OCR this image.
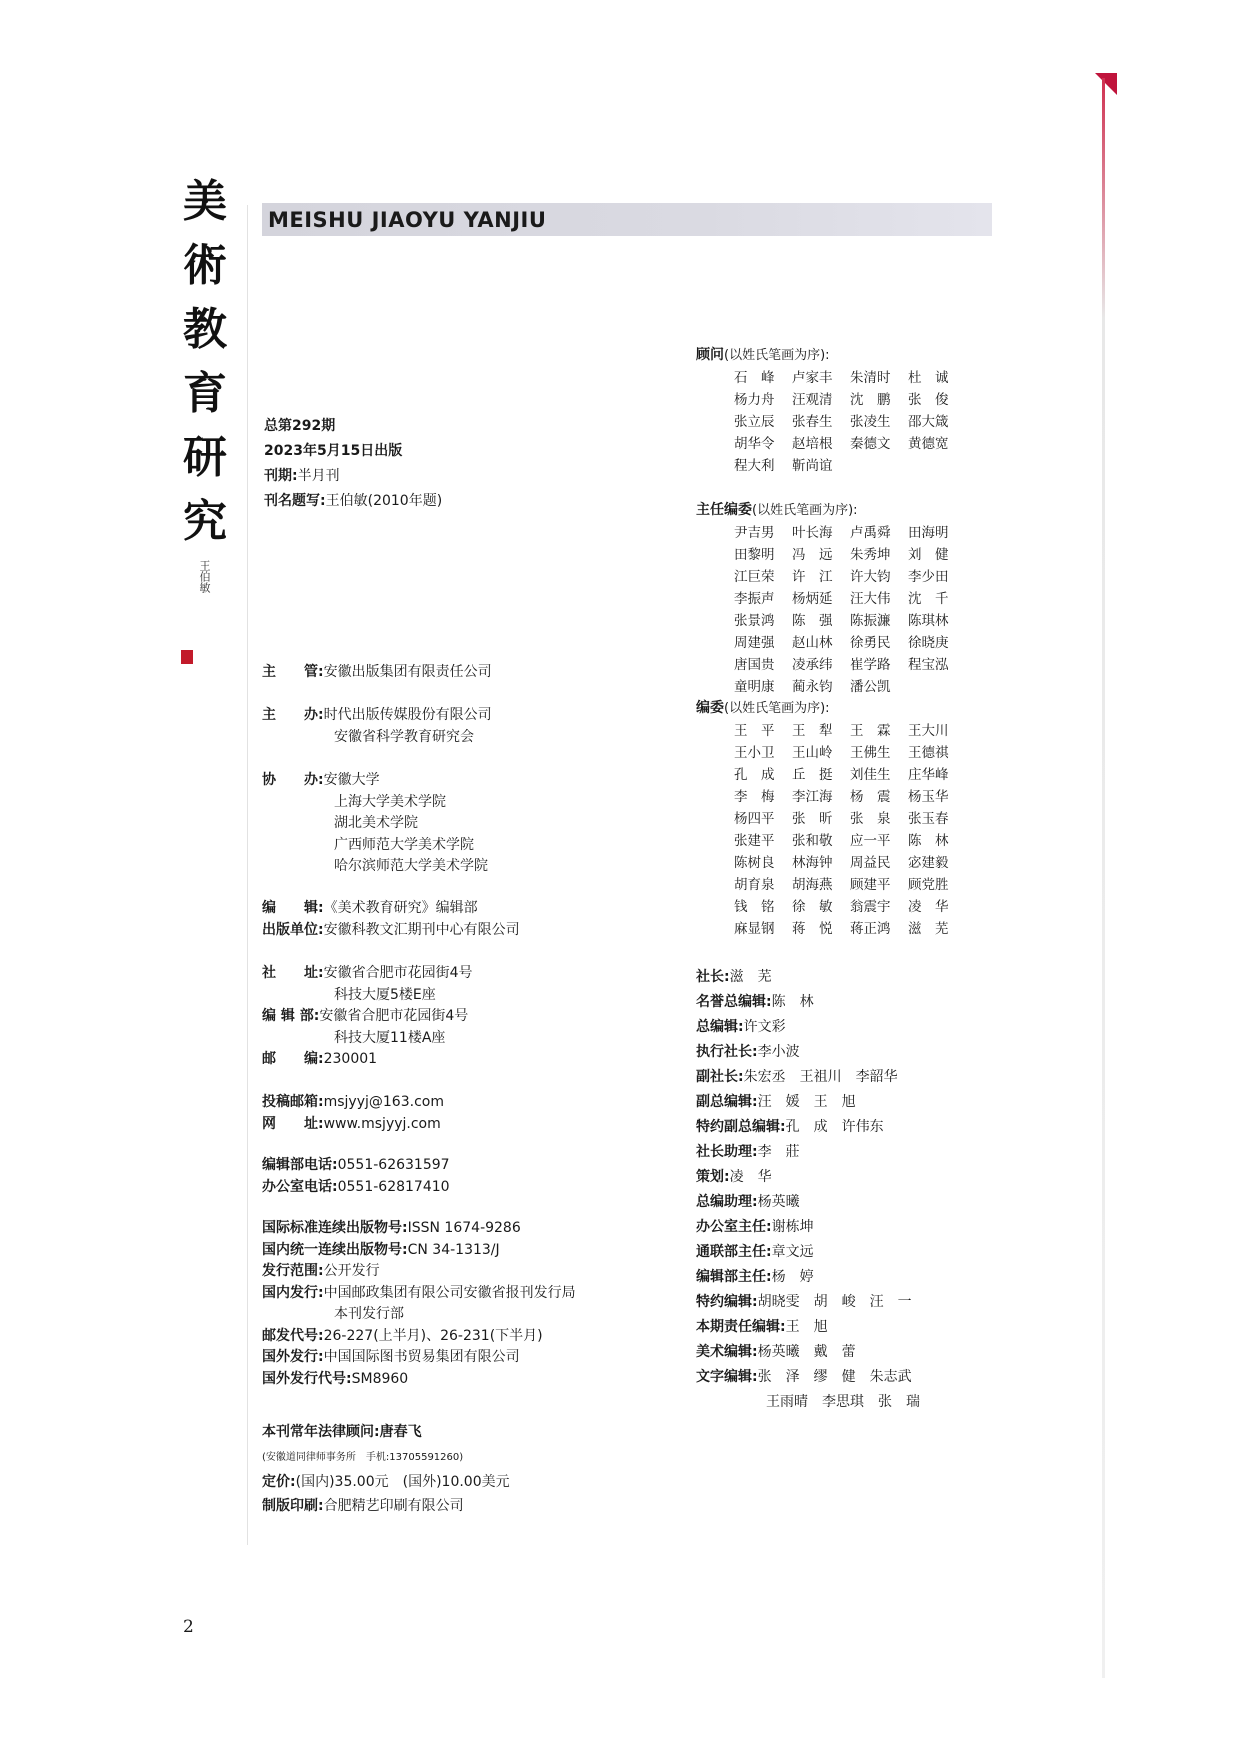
美
術
教
育
研
究
王伯敏
MEISHU JIAOYU YANJIU
总第292期
2023年5月15日出版
刊期:半月刊
刊名题写:王伯敏(2010年题)
主　　管:安徽出版集团有限责任公司
主　　办:时代出版传媒股份有限公司
安徽省科学教育研究会
协　　办:安徽大学
上海大学美术学院
湖北美术学院
广西师范大学美术学院
哈尔滨师范大学美术学院
编　　辑:《美术教育研究》编辑部
出版单位:安徽科教文汇期刊中心有限公司
社　　址:安徽省合肥市花园街4号
科技大厦5楼E座
编 辑 部:安徽省合肥市花园街4号
科技大厦11楼A座
邮　　编:230001
投稿邮箱:msjyyj@163.com
网　　址:www.msjyyj.com
编辑部电话:0551-62631597
办公室电话:0551-62817410
国际标准连续出版物号:ISSN 1674-9286
国内统一连续出版物号:CN 34-1313/J
发行范围:公开发行
国内发行:中国邮政集团有限公司安徽省报刊发行局
本刊发行部
邮发代号:26-227(上半月)、26-231(下半月)
国外发行:中国国际图书贸易集团有限公司
国外发行代号:SM8960
本刊常年法律顾问:唐春飞
(安徽道同律师事务所　手机:13705591260)
定价:(国内)35.00元　(国外)10.00美元
制版印刷:合肥精艺印刷有限公司
顾问(以姓氏笔画为序):
石　峰	卢家丰	朱清时	杜　诚
杨力舟	汪观清	沈　鹏	张　俊
张立辰	张春生	张凌生	邵大箴
胡华令	赵培根	秦德文	黄德宽
程大利	靳尚谊
主任编委(以姓氏笔画为序):
尹吉男	叶长海	卢禹舜	田海明
田黎明	冯　远	朱秀坤	刘　健
江巨荣	许　江	许大钧	李少田
李振声	杨炳延	汪大伟	沈　千
张景鸿	陈　强	陈振濂	陈琪林
周建强	赵山林	徐勇民	徐晓庚
唐国贵	凌承纬	崔学路	程宝泓
童明康	蔺永钧	潘公凯
编委(以姓氏笔画为序):
王　平	王　犁	王　霖	王大川
王小卫	王山岭	王佛生	王德祺
孔　成	丘　挺	刘佳生	庄华峰
李　梅	李江海	杨　震	杨玉华
杨四平	张　昕	张　泉	张玉春
张建平	张和敬	应一平	陈　林
陈树良	林海钟	周益民	宓建毅
胡育泉	胡海燕	顾建平	顾党胜
钱　铭	徐　敏	翁震宇	凌　华
麻显钢	蒋　悦	蒋正鸿	滋　芜
社长:滋　芜
名誉总编辑:陈　林
总编辑:许文彩
执行社长:李小波
副社长:朱宏丞　王祖川　李韶华
副总编辑:汪　媛　王　旭
特约副总编辑:孔　成　许伟东
社长助理:李　莊
策划:凌　华
总编助理:杨英曦
办公室主任:谢栋坤
通联部主任:章文远
编辑部主任:杨　婷
特约编辑:胡晓雯　胡　峻　汪　一
本期责任编辑:王　旭
美术编辑:杨英曦　戴　蕾
文字编辑:张　泽　缪　健　朱志武
王雨晴　李思琪　张　瑞
2
